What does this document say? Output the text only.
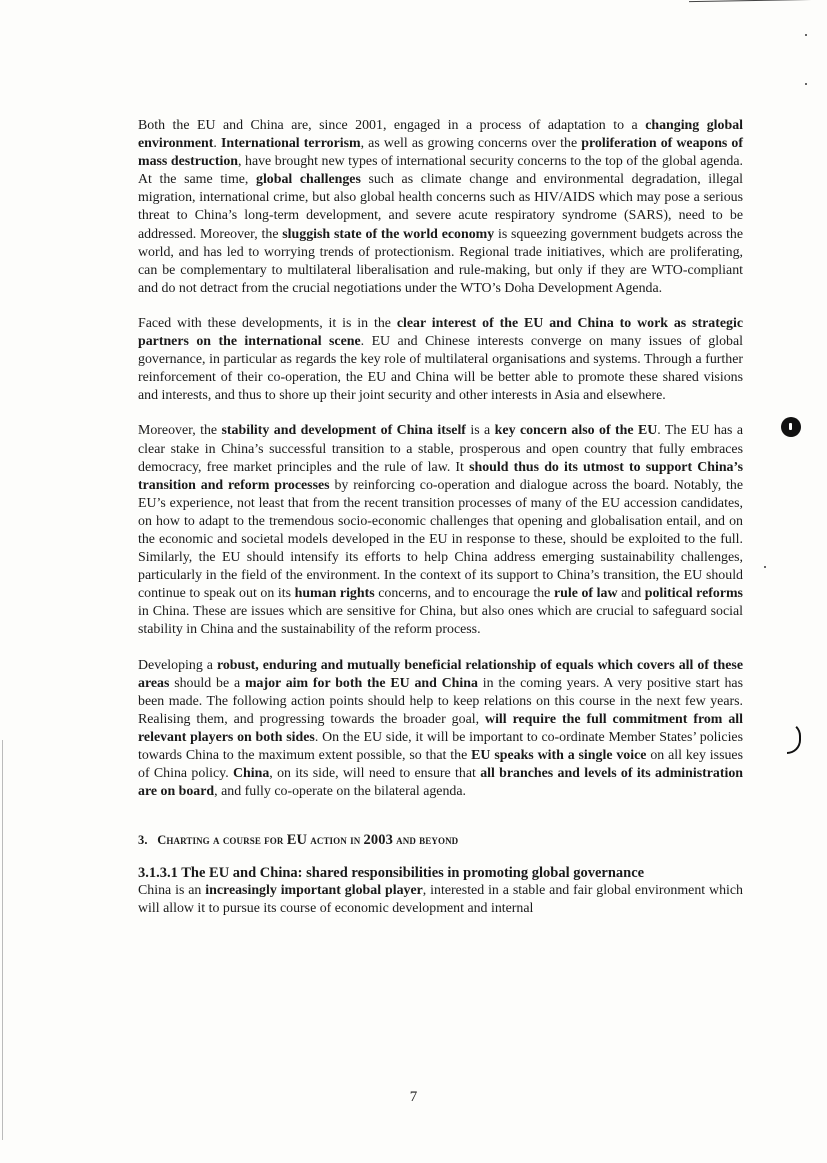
Both the EU and China are, since 2001, engaged in a process of adaptation to a changing global environment. International terrorism, as well as growing concerns over the proliferation of weapons of mass destruction, have brought new types of international security concerns to the top of the global agenda. At the same time, global challenges such as climate change and environmental degradation, illegal migration, international crime, but also global health concerns such as HIV/AIDS which may pose a serious threat to China’s long-term development, and severe acute respiratory syndrome (SARS), need to be addressed. Moreover, the sluggish state of the world economy is squeezing government budgets across the world, and has led to worrying trends of protectionism. Regional trade initiatives, which are proliferating, can be complementary to multilateral liberalisation and rule-making, but only if they are WTO-compliant and do not detract from the crucial negotiations under the WTO’s Doha Development Agenda.

Faced with these developments, it is in the clear interest of the EU and China to work as strategic partners on the international scene. EU and Chinese interests converge on many issues of global governance, in particular as regards the key role of multilateral organisations and systems. Through a further reinforcement of their co-operation, the EU and China will be better able to promote these shared visions and interests, and thus to shore up their joint security and other interests in Asia and elsewhere.

Moreover, the stability and development of China itself is a key concern also of the EU. The EU has a clear stake in China’s successful transition to a stable, prosperous and open country that fully embraces democracy, free market principles and the rule of law. It should thus do its utmost to support China’s transition and reform processes by reinforcing co-operation and dialogue across the board. Notably, the EU’s experience, not least that from the recent transition processes of many of the EU accession candidates, on how to adapt to the tremendous socio-economic challenges that opening and globalisation entail, and on the economic and societal models developed in the EU in response to these, should be exploited to the full. Similarly, the EU should intensify its efforts to help China address emerging sustainability challenges, particularly in the field of the environment. In the context of its support to China’s transition, the EU should continue to speak out on its human rights concerns, and to encourage the rule of law and political reforms in China. These are issues which are sensitive for China, but also ones which are crucial to safeguard social stability in China and the sustainability of the reform process.

Developing a robust, enduring and mutually beneficial relationship of equals which covers all of these areas should be a major aim for both the EU and China in the coming years. A very positive start has been made. The following action points should help to keep relations on this course in the next few years. Realising them, and progressing towards the broader goal, will require the full commitment from all relevant players on both sides. On the EU side, it will be important to co-ordinate Member States’ policies towards China to the maximum extent possible, so that the EU speaks with a single voice on all key issues of China policy. China, on its side, will need to ensure that all branches and levels of its administration are on board, and fully co-operate on the bilateral agenda.

3. Charting a course for EU action in 2003 and beyond
3.1.3.1 The EU and China: shared responsibilities in promoting global governance

China is an increasingly important global player, interested in a stable and fair global environment which will allow it to pursue its course of economic development and internal

7
